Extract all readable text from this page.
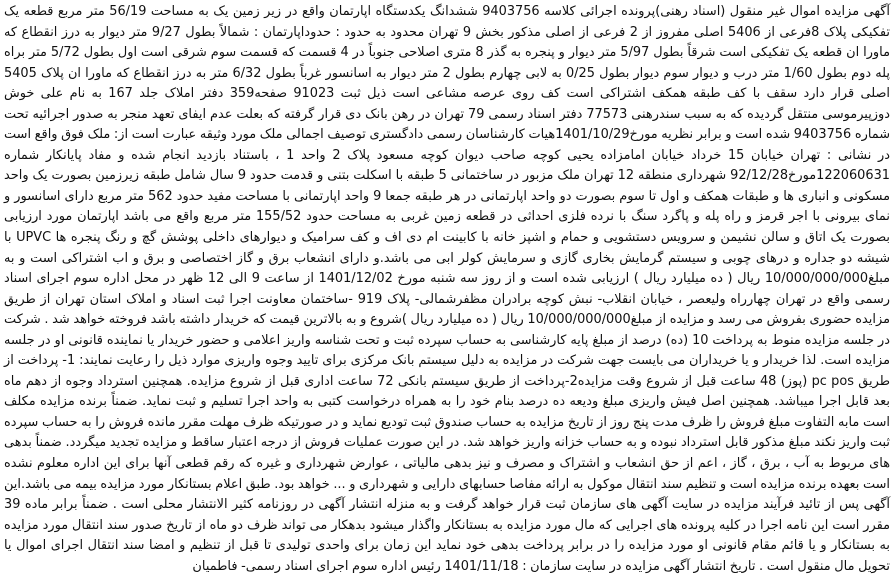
آگهی مزایده اموال غیر منقول (اسناد رهنی)پرونده اجرائی کلاسه 9403756 ششدانگ یکدستگاه اپارتمان واقع در زیر زمین یک به مساحت 56/19 متر مربع قطعه یک تفکیکی پلاک 8فرعی از 5406 اصلی مفروز از 2 فرعی از اصلی مذکور بخش 9 تهران محدود به حدود : حدوداپارتمان : شمالاً بطول 9/27 متر دیوار به درز انقطاع که ماورا ان قطعه یک تفکیکی است شرقاً بطول 5/97 متر دیوار و پنجره به گذر 8 متری اصلاحی جنوباً در 4 قسمت که قسمت سوم شرقی است اول بطول 5/72 متر براه پله دوم بطول 1/60 متر درب و دیوار سوم دیوار بطول 0/25 به لابی چهارم بطول 2 متر دیوار به اسانسور غرباً بطول 6/32 متر به درز انقطاع که ماورا ان پلاک 5405 اصلی قرار دارد سقف با کف طبقه همکف اشتراکی است کف روی عرصه مشاعی است ذیل ثبت 91023 صفحه359 دفتر املاک جلد 167 به نام علی خوش دوزپیرموسی منتقل گردیده که به سبب سندرهنی 77573 دفتر اسناد رسمی 79 تهران در رهن بانک دی قرار گرفته که بعلت عدم ایفای تعهد منجر به صدور اجرائیه تحت شماره 9403756 شده است و برابر نظریه مورخ1401/10/29هیات کارشناسان رسمی دادگستری توصیف اجمالی ملک مورد وثیقه عبارت است از: ملک فوق واقع است در نشانی : تهران خیابان 15 خرداد خیابان امامزاده یحیی کوچه صاحب دیوان کوچه مسعود پلاک 2 واحد 1 ، باستناد بازدید انجام شده و مفاد پایانکار شماره 122060631مورخ92/12/28 شهرداری منطقه 12 تهران ملک مزبور در ساختمانی 5 طبقه با اسکلت بتنی و قدمت حدود 9 سال شامل طبقه زیرزمین بصورت یک واحد مسکونی و انباری ها و طبقات همکف و اول تا سوم بصورت دو واحد اپارتمانی در هر طبقه جمعا 9 واحد اپارتمانی با مساحت مفید حدود 562 متر مربع دارای اسانسور و نمای بیرونی با اجر قرمز و راه پله و پاگرد سنگ با نرده فلزی احداثی در قطعه زمین غربی به مساحت حدود 155/52 متر مربع واقع می باشد اپارتمان مورد ارزیابی بصورت یک اتاق و سالن نشیمن و سرویس دستشویی و حمام و اشپز خانه با کابینت ام دی اف و کف سرامیک و دیوارهای داخلی پوشش گچ و رنگ پنجره ها UPVC با شیشه دو جداره و درهای چوبی و سیستم گرمایش بخاری گازی و سرمایش کولر ابی می باشد.و دارای انشعاب برق و گاز اختصاصی و برق و اب اشتراکی است و به مبلغ10/000/000/000 ریال ( ده میلیارد ریال ) ارزیابی شده است و از روز سه شنبه مورخ 1401/12/02 از ساعت 9 الی 12 ظهر در محل اداره سوم اجرای اسناد رسمی واقع در تهران چهارراه ولیعصر ، خیابان انقلاب- نبش کوچه برادران مظفرشمالی- پلاک 919 -ساختمان معاونت اجرا ثبت اسناد و املاک استان تهران از طریق مزایده حضوری بفروش می رسد و مزایده از مبلغ10/000/000/000 ریال ( ده میلیارد ریال )شروع و به بالاترین قیمت که خریدار داشته باشد فروخته خواهد شد . شرکت در جلسه مزایده منوط به پرداخت 10 (ده) درصد از مبلغ پایه کارشناسی به حساب سپرده ثبت و تحت شناسه واریز اعلامی و حضور خریدار یا نماینده قانونی او در جلسه مزایده است. لذا خریدار و یا خریداران می بایست جهت شرکت در مزایده به دلیل سیستم بانک مرکزی برای تایید وجوه واریزی موارد ذیل را رعایت نمایند: 1- پرداخت از طریق pc pos (پوز) 48 ساعت قبل از شروع وقت مزایده2-پرداخت از طریق سیستم بانکی 72 ساعت اداری قبل از شروع مزایده. همچنین استرداد وجوه از دهم ماه بعد قابل اجرا میباشد. همچنین اصل فیش واریزی مبلغ ودیعه ده درصد بنام خود را به همراه درخواست کتبی به واحد اجرا تسلیم و ثبت نماید. ضمناً برنده مزایده مکلف است مابه التفاوت مبلغ فروش را ظرف مدت پنج روز از تاریخ مزایده به حساب صندوق ثبت تودیع نماید و در صورتیکه ظرف مهلت مقرر مانده فروش را به حساب سپرده ثبت واریز نکند مبلغ مذکور قابل استرداد نبوده و به حساب خزانه واریز خواهد شد. در این صورت عملیات فروش از درجه اعتبار ساقط و مزایده تجدید میگردد. ضمناً بدهی های مربوط به آب ، برق ، گاز ، اعم از حق انشعاب و اشتراک و مصرف و نیز بدهی مالیاتی ، عوارض شهرداری و غیره که رقم قطعی آنها برای این اداره معلوم نشده است بعهده برنده مزایده است و تنظیم سند انتقال موکول به ارائه مفاصا حسابهای دارایی و شهرداری و ... خواهد بود. طبق اعلام بستانکار مورد مزایده بیمه می باشد.این آگهی پس از تائید فرآیند مزایده در سایت آگهی های سازمان ثبت قرار خواهد گرفت و به منزله انتشار آگهی در روزنامه کثیر الانتشار محلی است . ضمناً برابر ماده 39 مقرر است این نامه اجرا در کلیه پرونده های اجرایی که مال مورد مزایده به بستانکار واگذار میشود بدهکار می تواند ظرف دو ماه از تاریخ صدور سند انتقال مورد مزایده به بستانکار و یا قائم مقام قانونی او مورد مزایده را در برابر پرداخت بدهی خود نماید این زمان برای واحدی تولیدی تا قبل از تنظیم و امضا سند انتقال اجرای اموال یا تحویل مال منقول است . تاریخ انتشار آگهی مزایده در سایت سازمان : 1401/11/18 رئیس اداره سوم اجرای اسناد رسمی- فاطمیان
